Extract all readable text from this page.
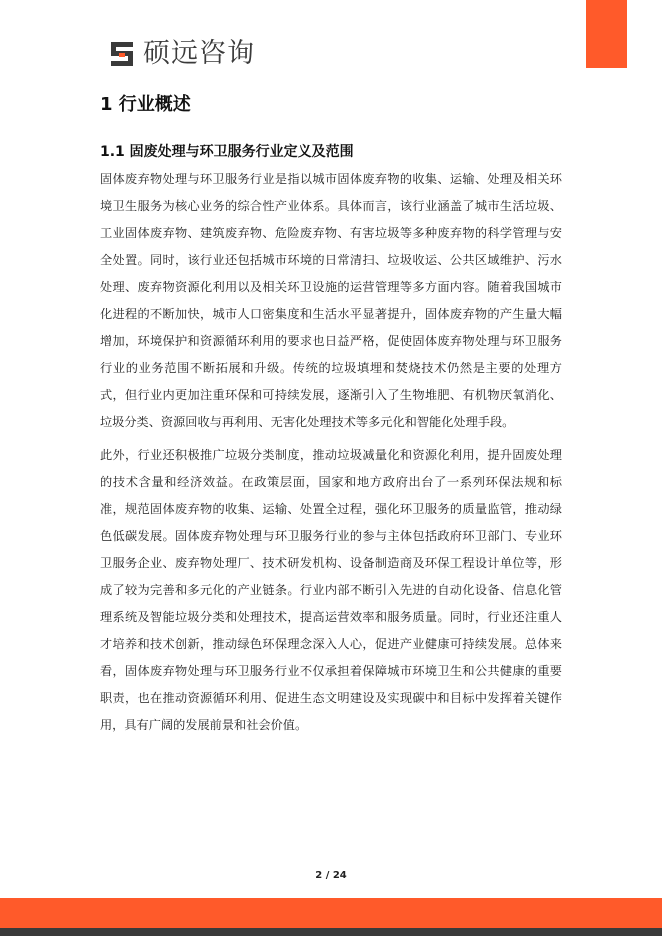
硕远咨询
1 行业概述
1.1 固废处理与环卫服务行业定义及范围

固体废弃物处理与环卫服务行业是指以城市固体废弃物的收集、运输、处理及相关环境卫生服务为核心业务的综合性产业体系。具体而言，该行业涵盖了城市生活垃圾、工业固体废弃物、建筑废弃物、危险废弃物、有害垃圾等多种废弃物的科学管理与安全处置。同时，该行业还包括城市环境的日常清扫、垃圾收运、公共区域维护、污水处理、废弃物资源化利用以及相关环卫设施的运营管理等多方面内容。随着我国城市化进程的不断加快，城市人口密集度和生活水平显著提升，固体废弃物的产生量大幅增加，环境保护和资源循环利用的要求也日益严格，促使固体废弃物处理与环卫服务行业的业务范围不断拓展和升级。传统的垃圾填埋和焚烧技术仍然是主要的处理方式，但行业内更加注重环保和可持续发展，逐渐引入了生物堆肥、有机物厌氧消化、垃圾分类、资源回收与再利用、无害化处理技术等多元化和智能化处理手段。

此外，行业还积极推广垃圾分类制度，推动垃圾减量化和资源化利用，提升固废处理的技术含量和经济效益。在政策层面，国家和地方政府出台了一系列环保法规和标准，规范固体废弃物的收集、运输、处置全过程，强化环卫服务的质量监管，推动绿色低碳发展。固体废弃物处理与环卫服务行业的参与主体包括政府环卫部门、专业环卫服务企业、废弃物处理厂、技术研发机构、设备制造商及环保工程设计单位等，形成了较为完善和多元化的产业链条。行业内部不断引入先进的自动化设备、信息化管理系统及智能垃圾分类和处理技术，提高运营效率和服务质量。同时，行业还注重人才培养和技术创新，推动绿色环保理念深入人心，促进产业健康可持续发展。总体来看，固体废弃物处理与环卫服务行业不仅承担着保障城市环境卫生和公共健康的重要职责，也在推动资源循环利用、促进生态文明建设及实现碳中和目标中发挥着关键作用，具有广阔的发展前景和社会价值。

2 / 24
